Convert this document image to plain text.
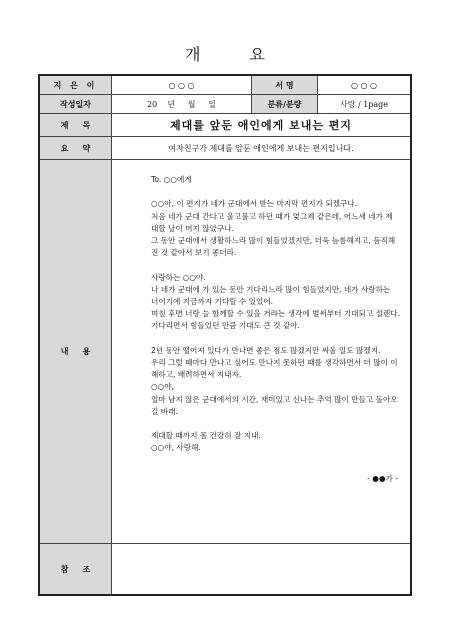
개 요
지 은 이	○ ○ ○	서 명	○ ○ ○
작성일자	20    년     월     일	분류/분량	사랑 / 1page
제     목	제대를 앞둔 애인에게 보내는 편지
요     약	여자친구가 제대를 앞둔 애인에게 보내는 편지입니다.
내     용

To. ○○에게

○○아, 이 편지가 네가 군대에서 받는 마지막 편지가 되겠구나.

처음 네가 군대 간다고 울고불고 하던 때가 엊그제 같은데, 어느새 네가 제

대할 날이 머지 않았구나.

그 동안 군대에서 생활하느라 많이 힘들었겠지만, 더욱 늠름해지고, 듬직해

진 것 같아서 보기 좋더라.

사랑하는 ○○야.

나 네가 군대에 가 있는 동안 기다리느라 많이 힘들었지만, 네가 사랑하는

너이기에 지금까지 기다릴 수 있었어.

며칠 후면 너랑 늘 함께할 수 있을 거라는 생각에 벌써부터 기대되고 설렌다.

기다리면서 힘들었던 만큼 기대도 큰 것 같아.

2년 동안 떨어져 있다가 만나면 좋은 점도 많겠지만 싸울 일도 많겠지.

우리 그럴 때마다 만나고 싶어도 만나지 못하던 때를 생각하면서 더 많이 이

해하고, 배려하면서 지내자.

○○야,

얼마 남지 않은 군대에서의 시간, 재미있고 신나는 추억 많이 만들고 돌아오

길 바래.

제대할 때까지 몸 건강히 잘 지내.

○○야, 사랑해.

- ●●가 -

참     조
